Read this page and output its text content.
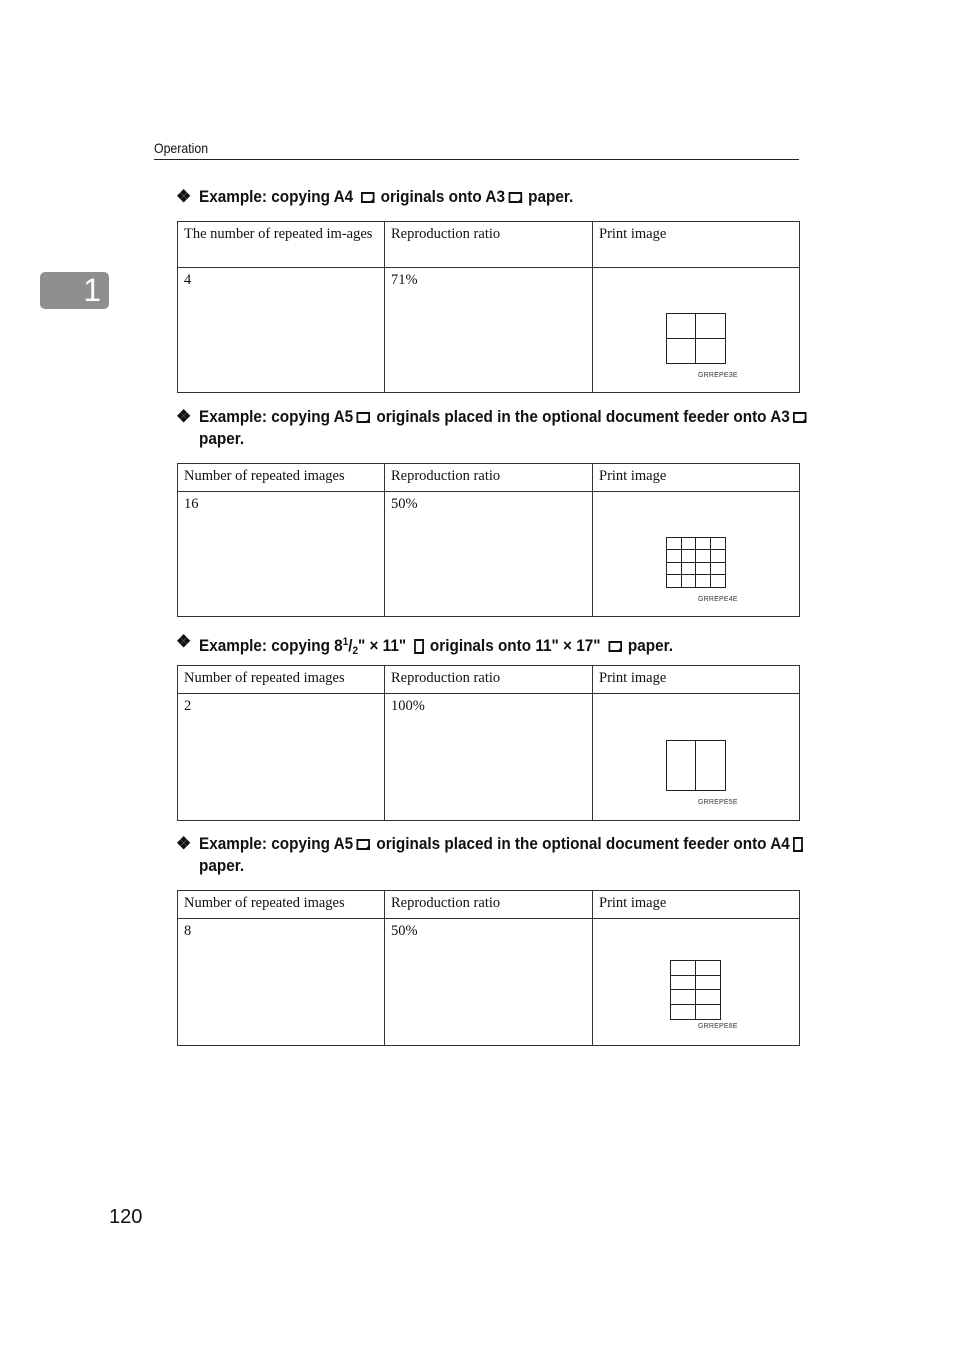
Operation
1
❖ Example: copying A4 originals onto A3 paper.
The number of repeated im-ages	Reproduction ratio	Print image
4	71%	GRREPE3E
❖ Example: copying A5 originals placed in the optional document feeder onto A3 paper.
Number of repeated images	Reproduction ratio	Print image
16	50%	GRREPE4E
❖ Example: copying $8^1/_2$" × 11" originals onto 11" × 17" paper.
Number of repeated images	Reproduction ratio	Print image
2	100%	GRREPE5E
❖ Example: copying A5 originals placed in the optional document feeder onto A4 paper.
Number of repeated images	Reproduction ratio	Print image
8	50%	GRREPE6E
120
